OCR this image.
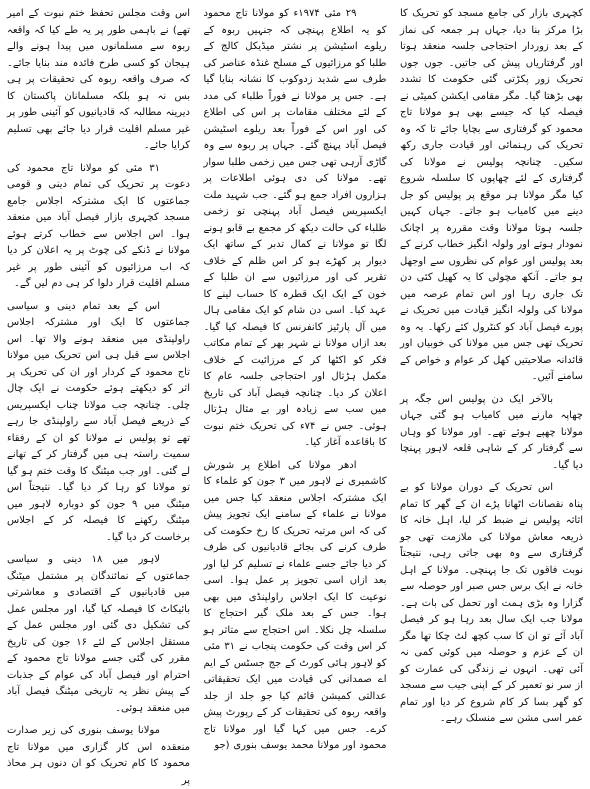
کچہری بازار کی جامع مسجد کو تحریک کا بڑا مرکز بنا دیا، جہاں ہر جمعہ کی نماز کے بعد زوردار احتجاجی جلسہ منعقد ہوتا اور گرفتاریاں پیش کی جاتیں۔ جوں جوں تحریک زور پکڑتی گئی حکومت کا تشدد بھی بڑھتا گیا۔ مگر مقامی ایکشن کمیٹی نے فیصلہ کیا کہ جیسے بھی ہو مولانا تاج محمود کو گرفتاری سے بچایا جائے تا کہ وہ تحریک کی رہنمائی اور قیادت جاری رکھ سکیں۔ چنانچہ پولیس نے مولانا کی گرفتاری کے لئے چھاپوں کا سلسلہ شروع کیا مگر مولانا ہر موقع پر پولیس کو جل دینے میں کامیاب ہو جاتے۔ جہاں کہیں جلسہ ہوتا مولانا وقت مقررہ پر اچانک نمودار ہوتے اور ولولہ انگیز خطاب کرنے کے بعد پولیس اور عوام کی نظروں سے اوجھل ہو جاتے۔ آنکھ مچولی کا یہ کھیل کئی دن تک جاری رہا اور اس تمام عرصہ میں مولانا کی ولولہ انگیز قیادت میں تحریک نے پورے فیصل آباد کو کنٹرول کئے رکھا۔ یہ وہ تحریک تھی جس میں مولانا کی خوبیاں اور قائدانہ صلاحیتیں کھل کر عوام و خواص کے سامنے آئیں۔

بالآخر ایک دن پولیس اس جگہ پر چھاپہ مارنے میں کامیاب ہو گئی جہاں مولانا چھپے ہوئے تھے۔ اور مولانا کو وہاں سے گرفتار کر کے شاہی قلعہ لاہور پہنچا دیا گیا۔

اس تحریک کے دوران مولانا کو بے پناہ نقصانات اٹھانا پڑے ان کے گھر کا تمام اثاثہ پولیس نے ضبط کر لیا، اہل خانہ کا ذریعہ معاش مولانا کی ملازمت تھی جو گرفتاری سے وہ بھی جاتی رہی، نتیجتاً نوبت فاقوں تک جا پہنچی۔ مولانا کے اہل خانہ نے ایک برس جس صبر اور حوصلہ سے گزارا وہ بڑی ہمت اور تحمل کی بات ہے۔ مولانا جب ایک سال بعد رہا ہو کر فیصل آباد آئے تو ان کا سب کچھ لٹ چکا تھا مگر ان کے عزم و حوصلہ میں کوئی کمی نہ آئی تھی۔ انہوں نے زندگی کی عمارت کو از سر نو تعمیر کر کے اپنی جیب سے مسجد کو گھر بسا کر کام شروع کر دیا اور تمام عمر اسی مشن سے منسلک رہے۔

۲۹ مئی ۱۹۷۴ء کو مولانا تاج محمود کو یہ اطلاع پہنچی کہ جنہیں ربوہ کے ریلوے اسٹیشن پر نشتر میڈیکل کالج کے طلبا کو مرزائیوں کے مسلح غنڈہ عناصر کی طرف سے شدید زدوکوب کا نشانہ بنایا گیا ہے۔ جس پر مولانا نے فوراً طلباء کی مدد کے لئے مختلف مقامات پر اس کی اطلاع کی اور اس کے فوراً بعد ریلوے اسٹیشن فیصل آباد پہنچ گئے۔ جہاں پر ربوہ سے وہ گاڑی آرہی تھی جس میں زخمی طلبا سوار تھے۔ مولانا کی دی ہوئی اطلاعات پر ہزاروں افراد جمع ہو گئے۔ جب شہید ملت ایکسپریس فیصل آباد پہنچی تو زخمی طلباء کی حالت دیکھ کر مجمع بے قابو ہونے لگا تو مولانا نے کمال تدبر کے ساتھ ایک دیوار پر کھڑے ہو کر اس ظلم کے خلاف تقریر کی اور مرزائیوں سے ان طلبا کے خون کے ایک ایک قطرہ کا حساب لینے کا عہد کیا۔ اسی دن شام کو ایک مقامی ہال میں آل پارٹیز کانفرنس کا فیصلہ کیا گیا۔ بعد ازاں مولانا نے شہر بھر کے تمام مکاتب فکر کو اکٹھا کر کے مرزائیت کے خلاف مکمل ہڑتال اور احتجاجی جلسہ عام کا اعلان کر دیا۔ چنانچہ فیصل آباد کی تاریخ میں سب سے زیادہ اور بے مثال ہڑتال ہوئی۔ جس نے ۷۴ء کی تحریک ختم نبوت کا باقاعدہ آغاز کیا۔

ادھر مولانا کی اطلاع پر شورش کاشمیری نے لاہور میں ۳ جون کو علماء کا ایک مشترکہ اجلاس منعقد کیا جس میں مولانا نے علماء کے سامنے ایک تجویز پیش کی کہ اس مرتبہ تحریک کا رخ حکومت کی طرف کرنے کی بجائے قادیانیوں کی طرف کر دیا جائے جسے علماء نے تسلیم کر لیا اور بعد ازاں اسی تجویز پر عمل ہوا۔ اسی نوعیت کا ایک اجلاس راولپنڈی میں بھی ہوا۔ جس کے بعد ملک گیر احتجاج کا سلسلہ چل نکلا۔ اس احتجاج سے متاثر ہو کر اس وقت کی حکومت پنجاب نے ۳۱ مئی کو لاہور ہائی کورٹ کے جج جسٹس کے ایم اے صمدانی کی قیادت میں ایک تحقیقاتی عدالتی کمیشن قائم کیا جو جلد از جلد واقعہ ربوہ کی تحقیقات کر کے رپورٹ پیش کرے۔ جس میں کہا گیا اور مولانا تاج محمود اور مولانا محمد یوسف بنوری (جو

اس وقت مجلس تحفظ ختم نبوت کے امیر تھے) نے باہمی طور پر یہ طے کیا کہ واقعہ ربوہ سے مسلمانوں میں پیدا ہونے والے ہیجان کو کسی طرح فائدہ مند بنایا جائے۔ کہ صرف واقعہ ربوہ کی تحقیقات پر ہی بس نہ ہو بلکہ مسلمانان پاکستان کا دیرینہ مطالبہ کہ قادیانیوں کو آئینی طور پر غیر مسلم اقلیت قرار دیا جائے بھی تسلیم کرایا جائے۔

۳۱ مئی کو مولانا تاج محمود کی دعوت پر تحریک کی تمام دینی و قومی جماعتوں کا ایک مشترکہ اجلاس جامع مسجد کچہری بازار فیصل آباد میں منعقد ہوا۔ اس اجلاس سے خطاب کرتے ہوئے مولانا نے ڈنکے کی چوٹ پر یہ اعلان کر دیا کہ اب مرزائیوں کو آئینی طور پر غیر مسلم اقلیت قرار دلوا کر ہی دم لیں گے۔

اس کے بعد تمام دینی و سیاسی جماعتوں کا ایک اور مشترکہ اجلاس راولپنڈی میں منعقد ہونے والا تھا۔ اس اجلاس سے قبل ہی اس تحریک میں مولانا تاج محمود کے کردار اور ان کی تحریک پر اثر کو دیکھتے ہوئے حکومت نے ایک چال چلی۔ چنانچہ جب مولانا چناب ایکسپریس کے ذریعے فیصل آباد سے راولپنڈی جا رہے تھے تو پولیس نے مولانا کو ان کے رفقاء سمیت راستہ ہی میں گرفتار کر کے تھانے لے گئی۔ اور جب میٹنگ کا وقت ختم ہو گیا تو مولانا کو رہا کر دیا گیا۔ نتیجتاً اس میٹنگ میں ۹ جون کو دوبارہ لاہور میں میٹنگ رکھنے کا فیصلہ کر کے اجلاس برخاست کر دیا گیا۔

لاہور میں ۱۸ دینی و سیاسی جماعتوں کے نمائندگان پر مشتمل میٹنگ میں قادیانیوں کے اقتصادی و معاشرتی بائیکاٹ کا فیصلہ کیا گیا، اور مجلس عمل کی تشکیل دی گئی اور مجلس عمل کے مستقل اجلاس کے لئے ۱۶ جون کی تاریخ مقرر کی گئی جسے مولانا تاج محمود کے احترام اور فیصل آباد کی عوام کے جذبات کے پیش نظر یہ تاریخی میٹنگ فیصل آباد میں منعقد ہوئی۔

مولانا یوسف بنوری کی زیر صدارت منعقدہ اس کار گزاری میں مولانا تاج محمود کا کام تحریک کو ان دنوں ہر محاذ پر
